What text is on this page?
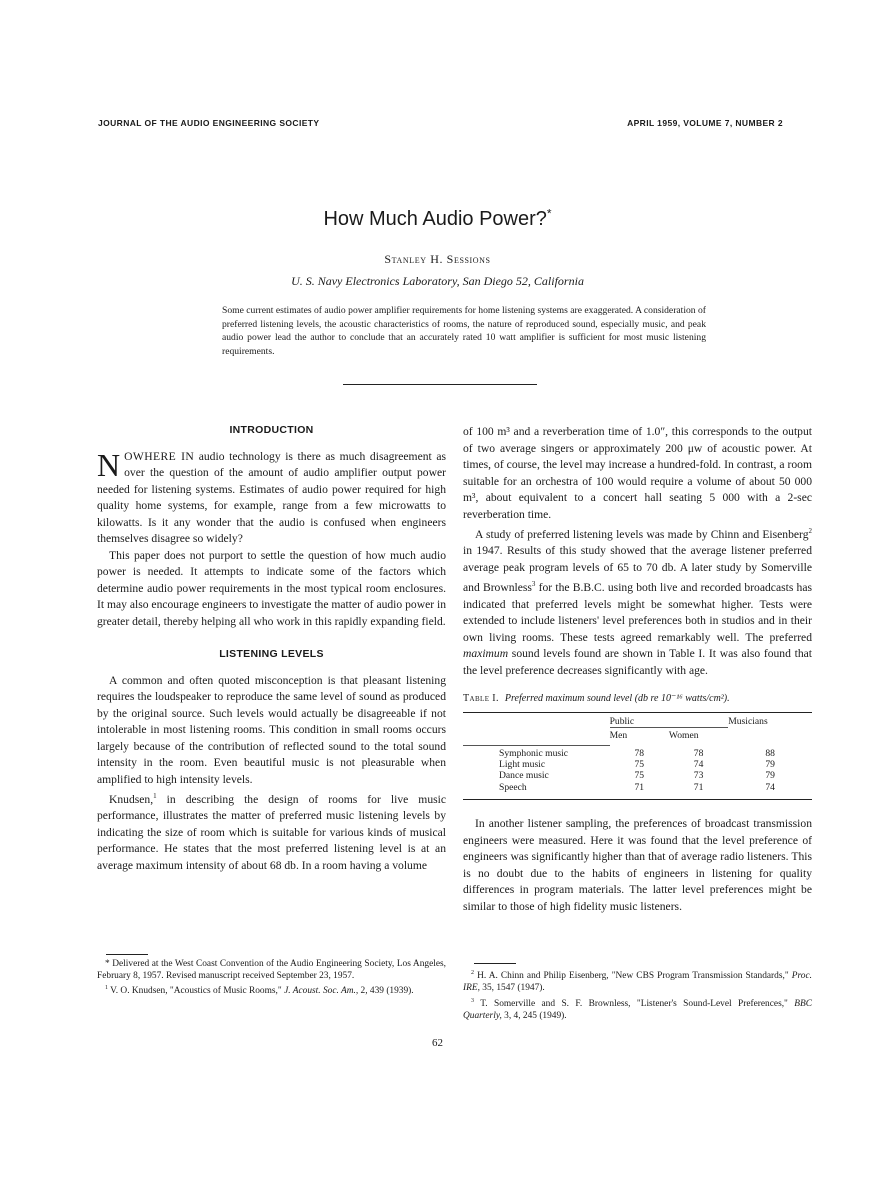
JOURNAL OF THE AUDIO ENGINEERING SOCIETY	APRIL 1959, VOLUME 7, NUMBER 2
How Much Audio Power?*
Stanley H. Sessions
U. S. Navy Electronics Laboratory, San Diego 52, California
Some current estimates of audio power amplifier requirements for home listening systems are exaggerated. A consideration of preferred listening levels, the acoustic characteristics of rooms, the nature of reproduced sound, especially music, and peak audio power lead the author to conclude that an accurately rated 10 watt amplifier is sufficient for most music listening requirements.
INTRODUCTION

NOWHERE IN audio technology is there as much disagreement as over the question of the amount of audio amplifier output power needed for listening systems. Estimates of audio power required for high quality home systems, for example, range from a few microwatts to kilowatts. Is it any wonder that the audio is confused when engineers themselves disagree so widely?

This paper does not purport to settle the question of how much audio power is needed. It attempts to indicate some of the factors which determine audio power requirements in the most typical room enclosures. It may also encourage engineers to investigate the matter of audio power in greater detail, thereby helping all who work in this rapidly expanding field.

LISTENING LEVELS

A common and often quoted misconception is that pleasant listening requires the loudspeaker to reproduce the same level of sound as produced by the original source. Such levels would actually be disagreeable if not intolerable in most listening rooms. This condition in small rooms occurs largely because of the contribution of reflected sound to the total sound intensity in the room. Even beautiful music is not pleasurable when amplified to high intensity levels.

Knudsen,$^1$ in describing the design of rooms for live music performance, illustrates the matter of preferred music listening levels by indicating the size of room which is suitable for various kinds of musical performance. He states that the most preferred listening level is at an average maximum intensity of about 68 db. In a room having a volume

of 100 m³ and a reverberation time of 1.0″, this corresponds to the output of two average singers or approximately 200 μw of acoustic power. At times, of course, the level may increase a hundred-fold. In contrast, a room suitable for an orchestra of 100 would require a volume of about 50 000 m³, about equivalent to a concert hall seating 5 000 with a 2-sec reverberation time.

A study of preferred listening levels was made by Chinn and Eisenberg$^2$ in 1947. Results of this study showed that the average listener preferred average peak program levels of 65 to 70 db. A later study by Somerville and Brownless$^3$ for the B.B.C. using both live and recorded broadcasts has indicated that preferred levels might be somewhat higher. Tests were extended to include listeners' level preferences both in studios and in their own living rooms. These tests agreed remarkably well. The preferred maximum sound levels found are shown in Table I. It was also found that the level preference decreases significantly with age.

Table I. Preferred maximum sound level (db re 10⁻¹⁶ watts/cm²).
	Public		Musicians
	Men	Women	
Symphonic music	78	78	88
Light music	75	74	79
Dance music	75	73	79
Speech	71	71	74

In another listener sampling, the preferences of broadcast transmission engineers were measured. Here it was found that the level preference of engineers was significantly higher than that of average radio listeners. This is no doubt due to the habits of engineers in listening for quality differences in program materials. The latter level preferences might be similar to those of high fidelity music listeners.

* Delivered at the West Coast Convention of the Audio Engineering Society, Los Angeles, February 8, 1957. Revised manuscript received September 23, 1957.

$^1$ V. O. Knudsen, "Acoustics of Music Rooms," J. Acoust. Soc. Am., 2, 439 (1939).

$^2$ H. A. Chinn and Philip Eisenberg, "New CBS Program Transmission Standards," Proc. IRE, 35, 1547 (1947).

$^3$ T. Somerville and S. F. Brownless, "Listener's Sound-Level Preferences," BBC Quarterly, 3, 4, 245 (1949).

62
